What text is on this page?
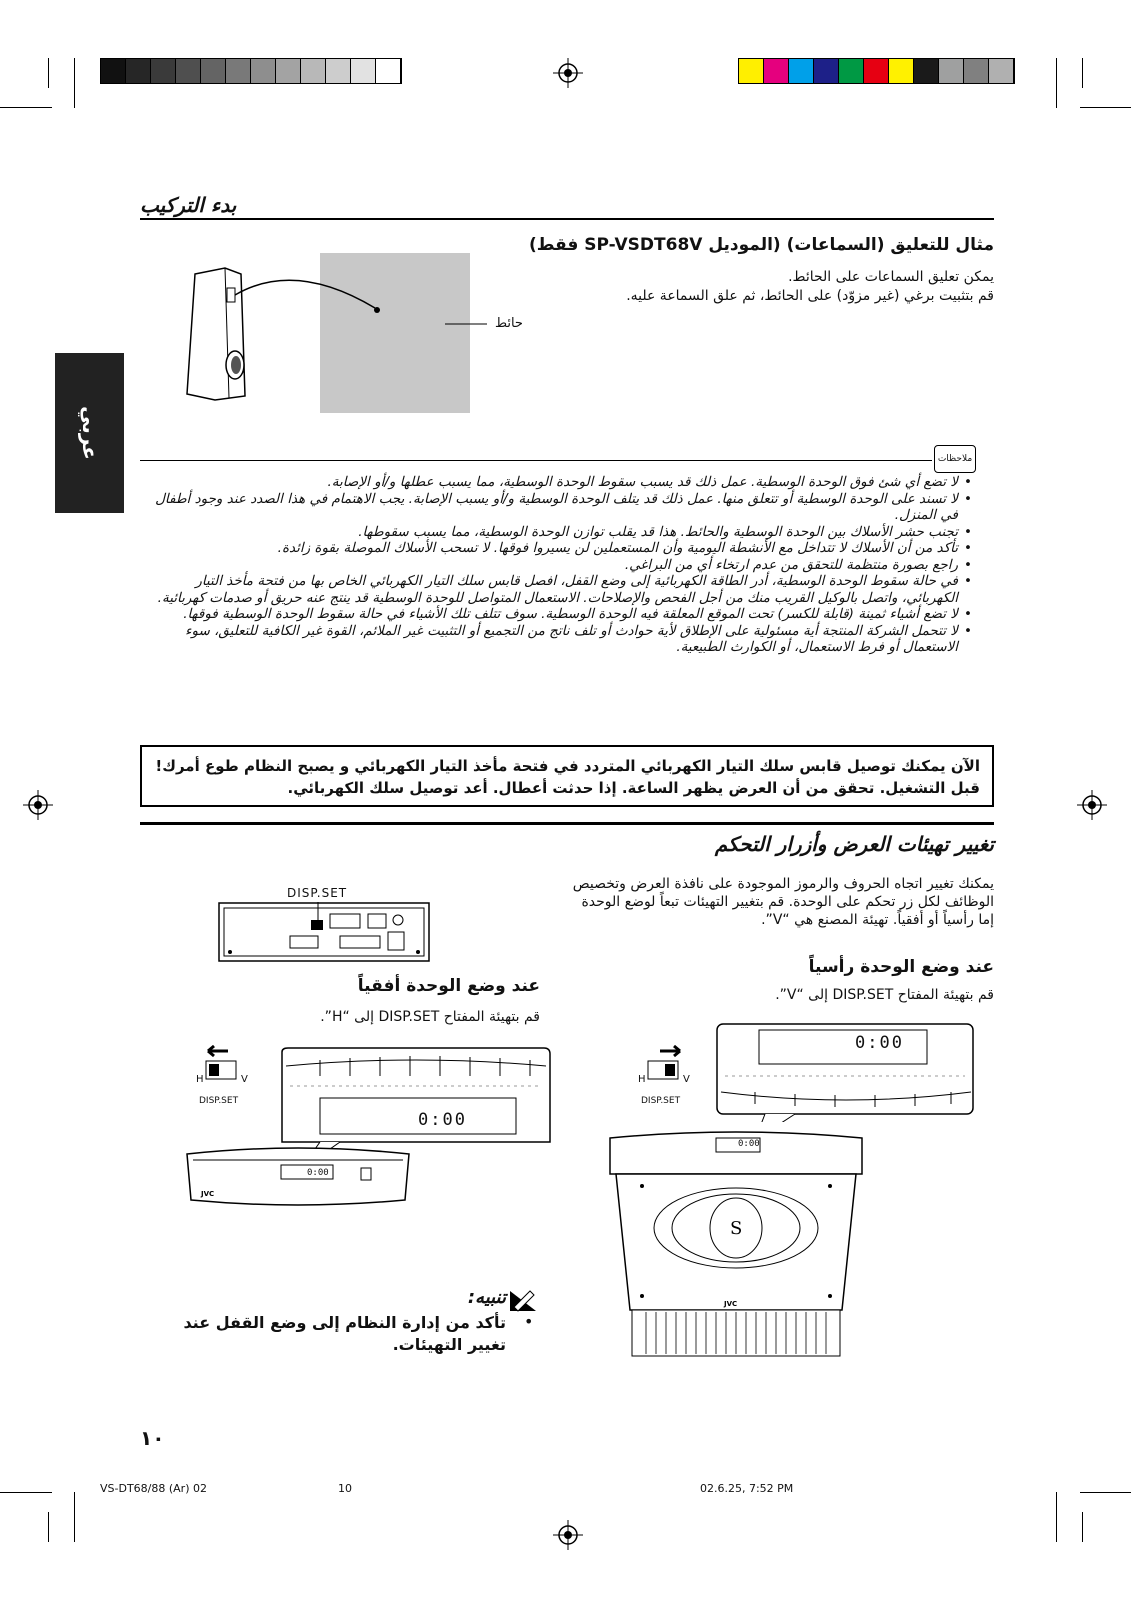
بدء التركيب
عربي
مثال للتعليق (السماعات) (الموديل SP-VSDT68V فقط)
يمكن تعليق السماعات على الحائط.
قم بتثبيت برغي (غير مزوّد) على الحائط، ثم علق السماعة عليه.
حائط
ملاحظات
• لا تضع أي شئ فوق الوحدة الوسطية. عمل ذلك قد يسبب سقوط الوحدة الوسطية، مما يسبب عطلها و/أو الإصابة.
• لا تسند على الوحدة الوسطية أو تتعلق منها. عمل ذلك قد يتلف الوحدة الوسطية و/أو يسبب الإصابة. يجب الاهتمام في هذا الصدد عند وجود أطفال في المنزل.
• تجنب حشر الأسلاك بين الوحدة الوسطية والحائط. هذا قد يقلب توازن الوحدة الوسطية، مما يسبب سقوطها.
• تأكد من أن الأسلاك لا تتداخل مع الأنشطة اليومية وأن المستعملين لن يسيروا فوقها. لا تسحب الأسلاك الموصلة بقوة زائدة.
• راجع بصورة منتظمة للتحقق من عدم ارتخاء أي من البراغي.
• في حالة سقوط الوحدة الوسطية، أدر الطاقة الكهربائية إلى وضع القفل، افصل قابس سلك التيار الكهربائي الخاص بها من فتحة مأخذ التيار الكهربائي، واتصل بالوكيل القريب منك من أجل الفحص والإصلاحات. الاستعمال المتواصل للوحدة الوسطية قد ينتج عنه حريق أو صدمات كهربائية.
• لا تضع أشياء ثمينة (قابلة للكسر) تحت الموقع المعلقة فيه الوحدة الوسطية. سوف تتلف تلك الأشياء في حالة سقوط الوحدة الوسطية فوقها.
• لا تتحمل الشركة المنتجة أية مسئولية على الإطلاق لأية حوادث أو تلف ناتج من التجميع أو التثبيت غير الملائم، القوة غير الكافية للتعليق، سوء الاستعمال أو فرط الاستعمال، أو الكوارث الطبيعية.
الآن يمكنك توصيل قابس سلك التيار الكهربائي المتردد في فتحة مأخذ التيار الكهربائي و يصبح النظام طوع أمرك!
قبل التشغيل. تحقق من أن العرض يظهر الساعة. إذا حدثت أعطال. أعد توصيل سلك الكهربائي.
تغيير تهيئات العرض وأزرار التحكم
يمكنك تغيير اتجاه الحروف والرموز الموجودة على نافذة العرض وتخصيص
الوظائف لكل زر تحكم على الوحدة. قم بتغيير التهيئات تبعاً لوضع الوحدة
إما رأسياً أو أفقياً. تهيئة المصنع هي “V”.
DISP.SET
عند وضع الوحدة رأسياً
قم بتهيئة المفتاح DISP.SET إلى “V”.
عند وضع الوحدة أفقياً
قم بتهيئة المفتاح DISP.SET إلى “H”.
H	V
DISP.SET
H	V
DISP.SET
0:00
JVC
0:00
0:00
S
JVC
0:00
تنبيه:
تأكد من إدارة النظام إلى وضع القفل عند تغيير التهيئات.
•
١٠
VS-DT68/88 (Ar) 02	10	02.6.25, 7:52 PM
